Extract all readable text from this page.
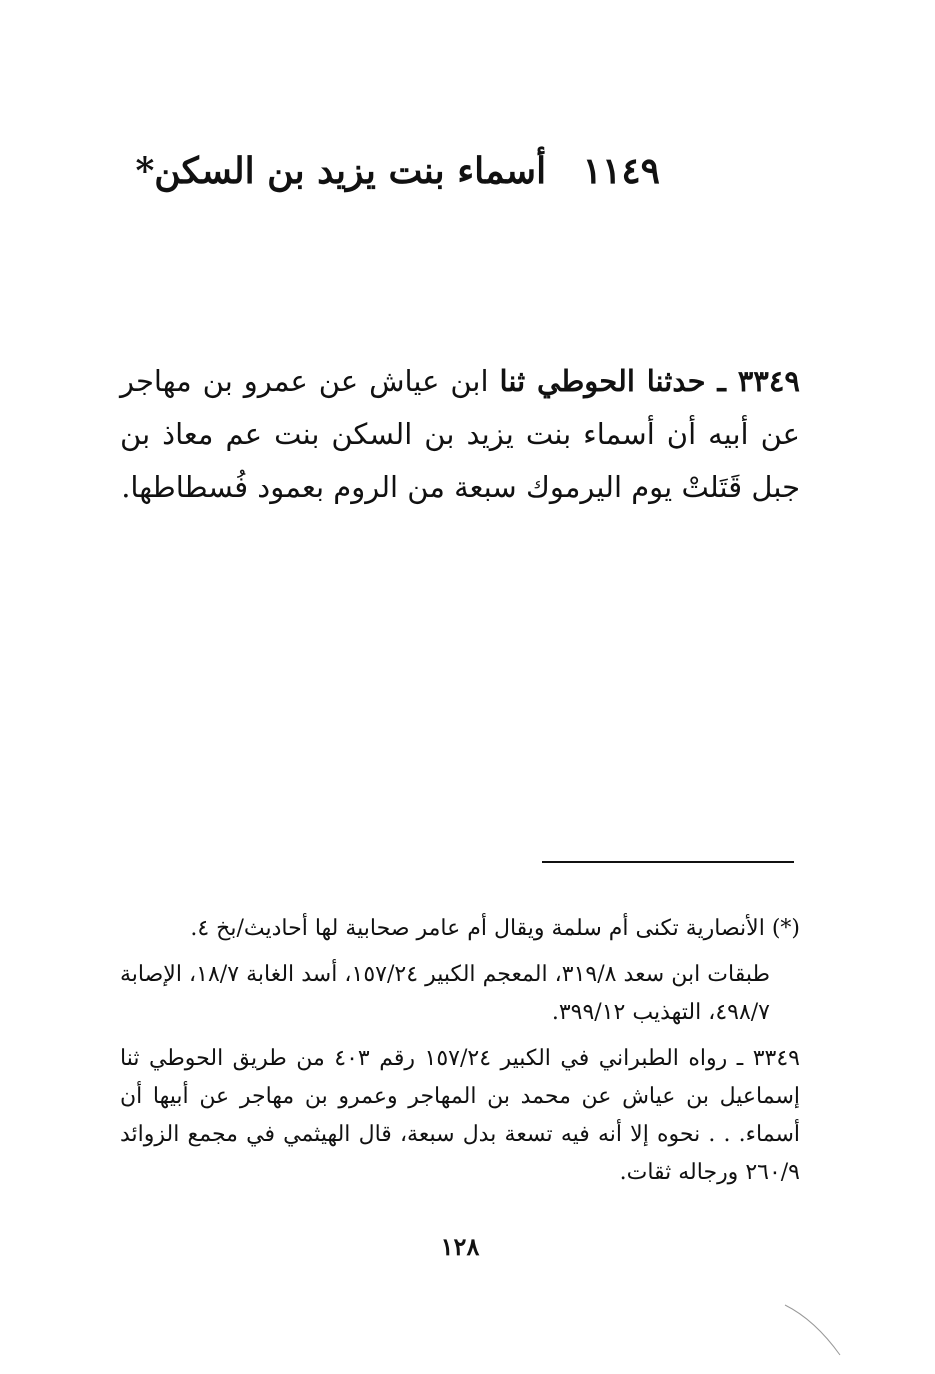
١١٤٩ أسماء بنت يزيد بن السكن*
٣٣٤٩ ـ حدثنا الحوطي ثنا ابن عياش عن عمرو بن مهاجر عن أبيه أن أسماء بنت يزيد بن السكن بنت عم معاذ بن جبل قَتَلتْ يوم اليرموك سبعة من الروم بعمود فُسطاطها.

(*) الأنصارية تكنى أم سلمة ويقال أم عامر صحابية لها أحاديث/بخ ٤.

طبقات ابن سعد ٣١٩/٨، المعجم الكبير ١٥٧/٢٤، أسد الغابة ١٨/٧، الإصابة ٤٩٨/٧، التهذيب ٣٩٩/١٢.

٣٣٤٩ ـ رواه الطبراني في الكبير ١٥٧/٢٤ رقم ٤٠٣ من طريق الحوطي ثنا إسماعيل بن عياش عن محمد بن المهاجر وعمرو بن مهاجر عن أبيها أن أسماء. . . نحوه إلا أنه فيه تسعة بدل سبعة، قال الهيثمي في مجمع الزوائد ٢٦٠/٩ ورجاله ثقات.

١٢٨
